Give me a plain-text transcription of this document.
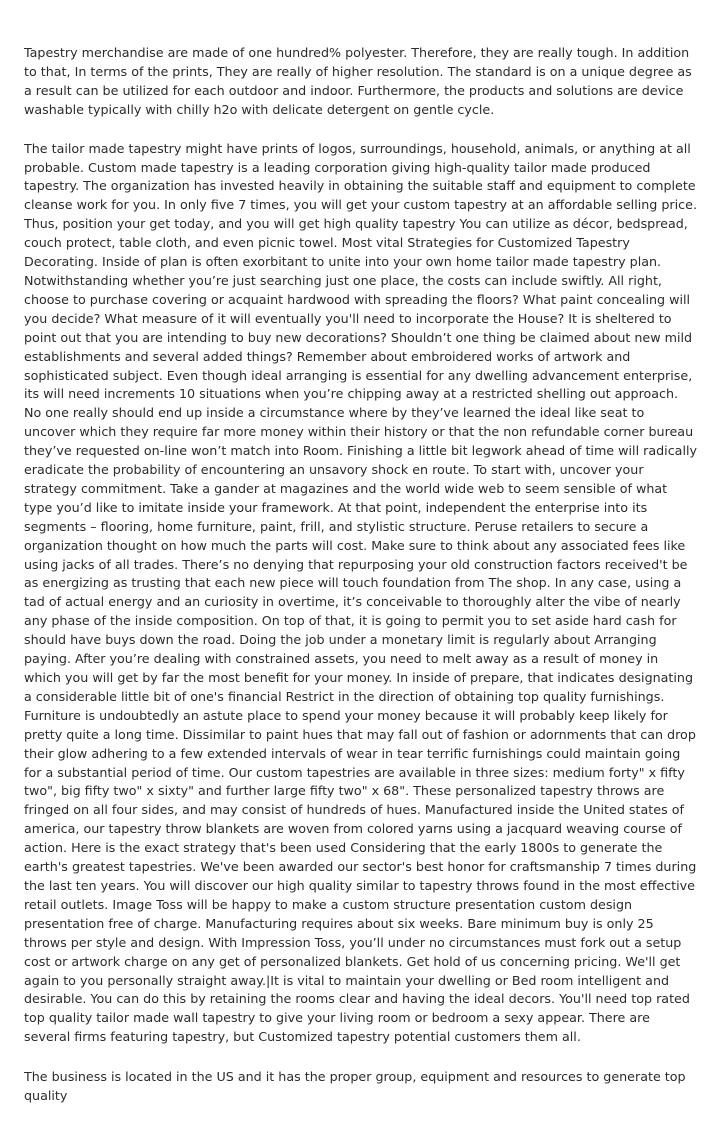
Tapestry merchandise are made of one hundred% polyester. Therefore, they are really tough. In addition to that, In terms of the prints, They are really of higher resolution. The standard is on a unique degree as a result can be utilized for each outdoor and indoor. Furthermore, the products and solutions are device washable typically with chilly h2o with delicate detergent on gentle cycle.

The tailor made tapestry might have prints of logos, surroundings, household, animals, or anything at all probable. Custom made tapestry is a leading corporation giving high-quality tailor made produced tapestry. The organization has invested heavily in obtaining the suitable staff and equipment to complete cleanse work for you. In only five 7 times, you will get your custom tapestry at an affordable selling price. Thus, position your get today, and you will get high quality tapestry You can utilize as décor, bedspread, couch protect, table cloth, and even picnic towel. Most vital Strategies for Customized Tapestry Decorating. Inside of plan is often exorbitant to unite into your own home tailor made tapestry plan. Notwithstanding whether you’re just searching just one place, the costs can include swiftly. All right, choose to purchase covering or acquaint hardwood with spreading the floors? What paint concealing will you decide? What measure of it will eventually you'll need to incorporate the House? It is sheltered to point out that you are intending to buy new decorations? Shouldn’t one thing be claimed about new mild establishments and several added things? Remember about embroidered works of artwork and sophisticated subject. Even though ideal arranging is essential for any dwelling advancement enterprise, its will need increments 10 situations when you’re chipping away at a restricted shelling out approach. No one really should end up inside a circumstance where by they’ve learned the ideal like seat to uncover which they require far more money within their history or that the non refundable corner bureau they’ve requested on-line won’t match into Room. Finishing a little bit legwork ahead of time will radically eradicate the probability of encountering an unsavory shock en route. To start with, uncover your strategy commitment. Take a gander at magazines and the world wide web to seem sensible of what type you’d like to imitate inside your framework. At that point, independent the enterprise into its segments – flooring, home furniture, paint, frill, and stylistic structure. Peruse retailers to secure a organization thought on how much the parts will cost. Make sure to think about any associated fees like using jacks of all trades. There’s no denying that repurposing your old construction factors received't be as energizing as trusting that each new piece will touch foundation from The shop. In any case, using a tad of actual energy and an curiosity in overtime, it’s conceivable to thoroughly alter the vibe of nearly any phase of the inside composition. On top of that, it is going to permit you to set aside hard cash for should have buys down the road. Doing the job under a monetary limit is regularly about Arranging paying. After you’re dealing with constrained assets, you need to melt away as a result of money in which you will get by far the most benefit for your money. In inside of prepare, that indicates designating a considerable little bit of one's financial Restrict in the direction of obtaining top quality furnishings. Furniture is undoubtedly an astute place to spend your money because it will probably keep likely for pretty quite a long time. Dissimilar to paint hues that may fall out of fashion or adornments that can drop their glow adhering to a few extended intervals of wear in tear terrific furnishings could maintain going for a substantial period of time. Our custom tapestries are available in three sizes: medium forty" x fifty two", big fifty two" x sixty" and further large fifty two" x 68". These personalized tapestry throws are fringed on all four sides, and may consist of hundreds of hues. Manufactured inside the United states of america, our tapestry throw blankets are woven from colored yarns using a jacquard weaving course of action. Here is the exact strategy that's been used Considering that the early 1800s to generate the earth's greatest tapestries. We've been awarded our sector's best honor for craftsmanship 7 times during the last ten years. You will discover our high quality similar to tapestry throws found in the most effective retail outlets. Image Toss will be happy to make a custom structure presentation custom design presentation free of charge. Manufacturing requires about six weeks. Bare minimum buy is only 25 throws per style and design. With Impression Toss, you’ll under no circumstances must fork out a setup cost or artwork charge on any get of personalized blankets. Get hold of us concerning pricing. We'll get again to you personally straight away.|It is vital to maintain your dwelling or Bed room intelligent and desirable. You can do this by retaining the rooms clear and having the ideal decors. You'll need top rated top quality tailor made wall tapestry to give your living room or bedroom a sexy appear. There are several firms featuring tapestry, but Customized tapestry potential customers them all.

The business is located in the US and it has the proper group, equipment and resources to generate top quality
